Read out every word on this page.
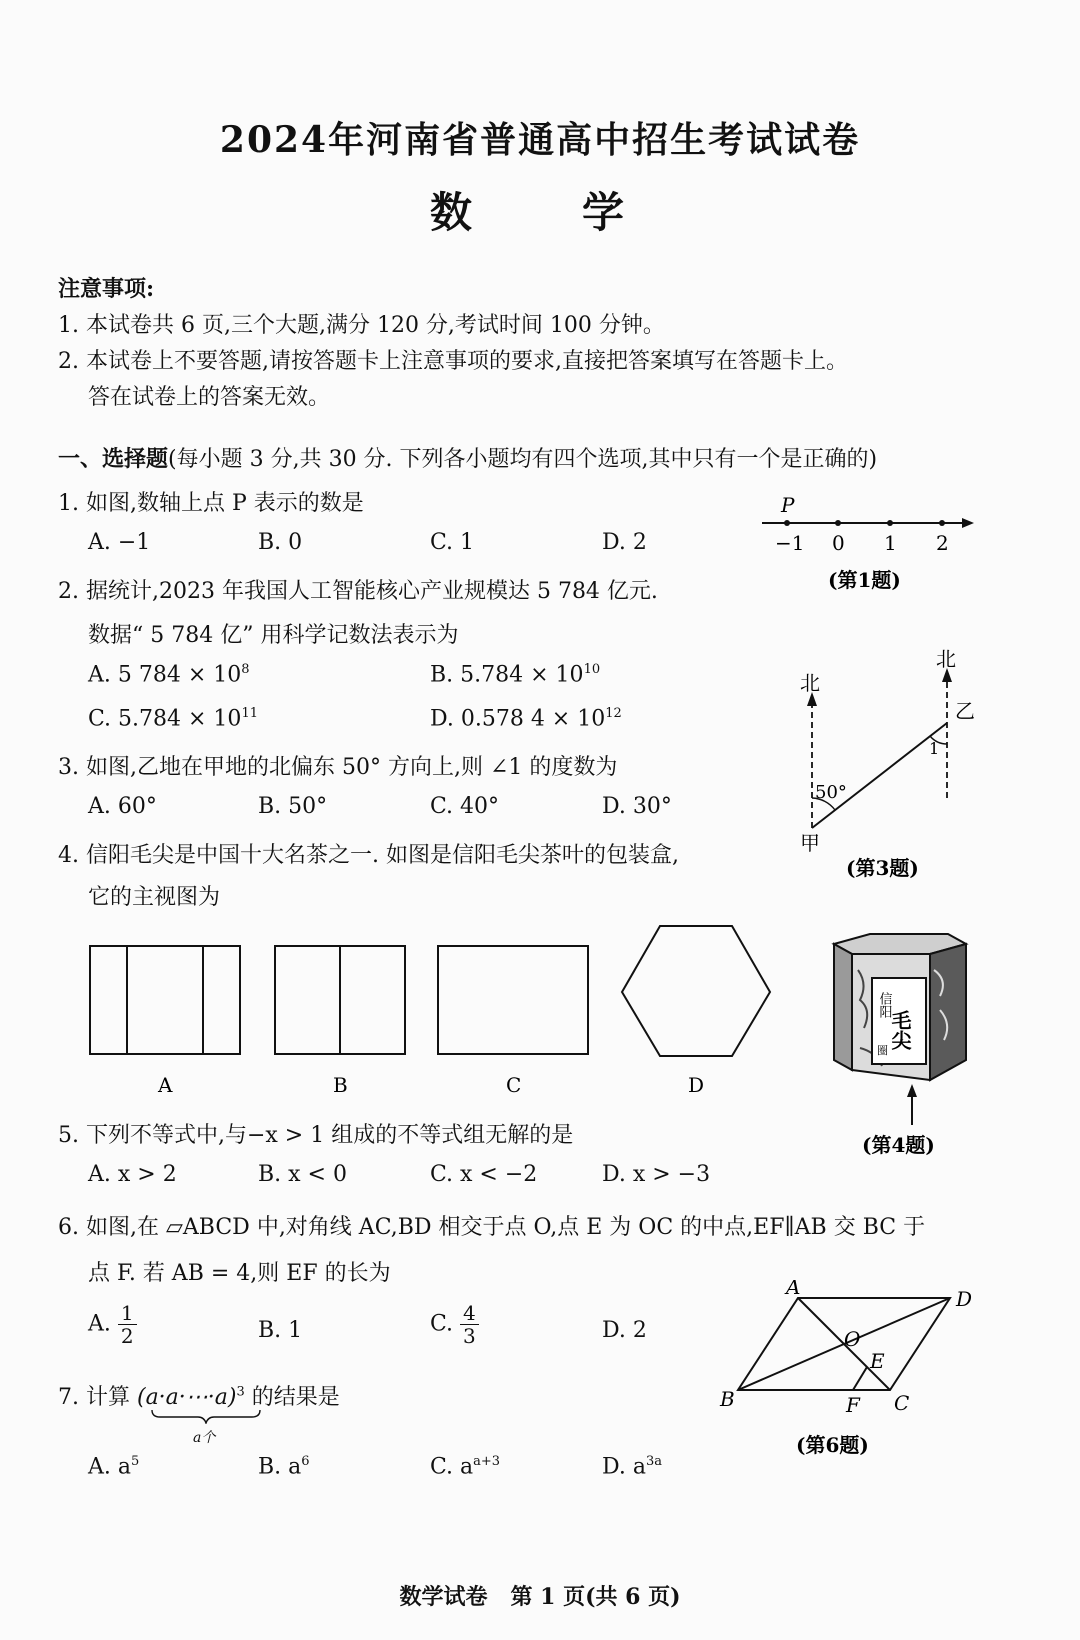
2024年河南省普通高中招生考试试卷
数学
注意事项:
1. 本试卷共 6 页,三个大题,满分 120 分,考试时间 100 分钟。
2. 本试卷上不要答题,请按答题卡上注意事项的要求,直接把答案填写在答题卡上。
答在试卷上的答案无效。
一、选择题(每小题 3 分,共 30 分. 下列各小题均有四个选项,其中只有一个是正确的)
1. 如图,数轴上点 P 表示的数是
A. −1	B. 0	C. 1	D. 2
P
−1 0 1 2
(第1题)
2. 据统计,2023 年我国人工智能核心产业规模达 5 784 亿元.
数据“ 5 784 亿” 用科学记数法表示为
A. 5 $784 \times 10^8$	B. $5.784 \times 10^{10}$
C. $5.784 \times 10^{11}$	D. 0.578 $4 \times 10^{12}$
3. 如图,乙地在甲地的北偏东 50° 方向上,则 ∠1 的度数为
A. 60°	B. 50°	C. 40°	D. 30°
北
北
乙
甲
50°
1
(第3题)
4. 信阳毛尖是中国十大名茶之一. 如图是信阳毛尖茶叶的包装盒,
它的主视图为
A	B	C	D
毛尖
信阳
圈
(第4题)
5. 下列不等式中,与−x > 1 组成的不等式组无解的是
A. x > 2	B. x < 0	C. x < −2	D. x > −3
6. 如图,在 ▱ABCD 中,对角线 AC,BD 相交于点 O,点 E 为 OC 的中点,EF∥AB 交 BC 于
点 F. 若 AB = 4,则 EF 的长为
A. $\frac{1}{2}$	B. 1	C. $\frac{4}{3}$	D. 2
A	D
B	C
O
E
F
(第6题)
7. 计算 (a·a·⋯·a)
a个
$^3$ 的结果是
A. $a^5$	B. $a^6$	C. $a^{a+3}$	D. $a^{3a}$
数学试卷   第 1 页(共 6 页)
